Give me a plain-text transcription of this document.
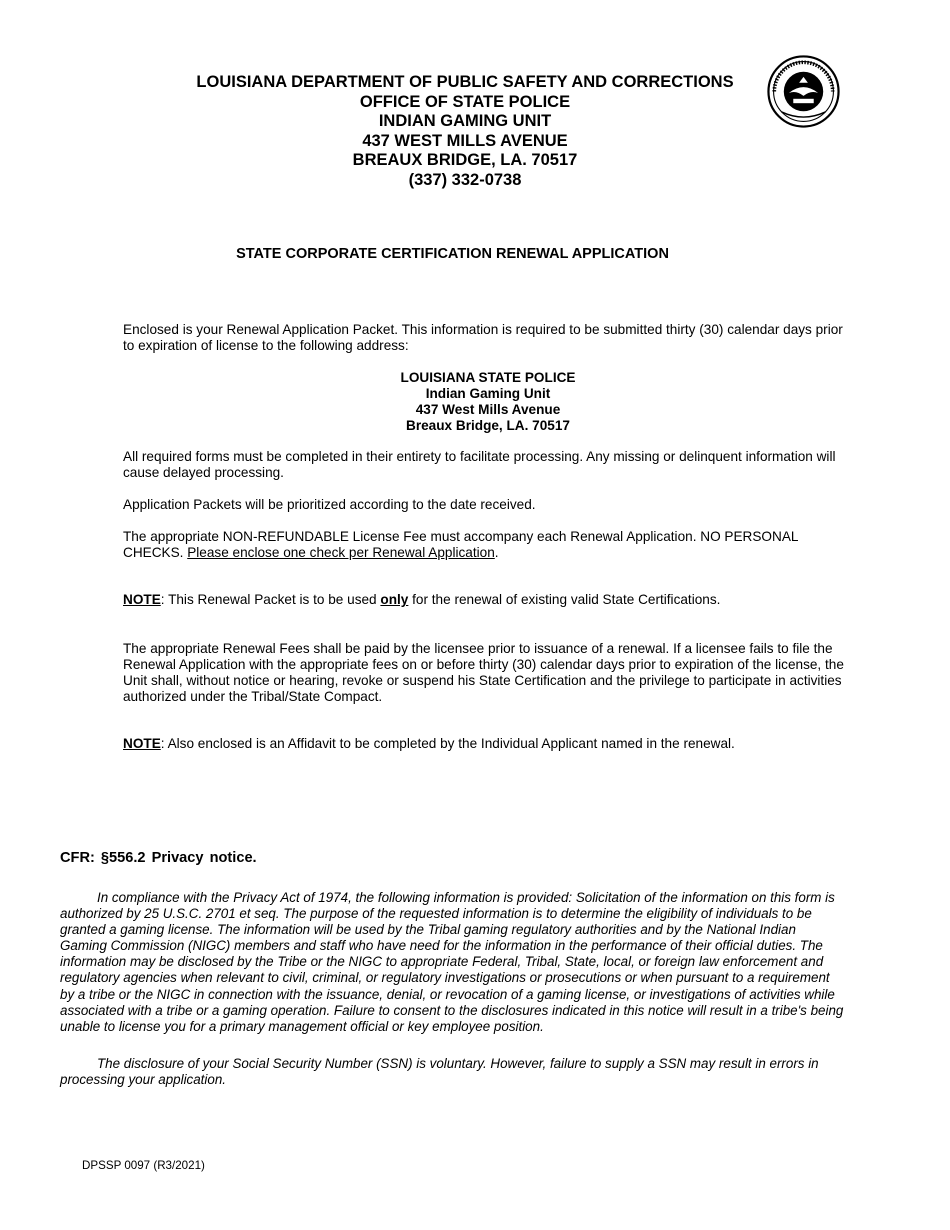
LOUISIANA DEPARTMENT OF PUBLIC SAFETY AND CORRECTIONS
OFFICE OF STATE POLICE
INDIAN GAMING UNIT
437 WEST MILLS AVENUE
BREAUX BRIDGE, LA. 70517
(337) 332-0738
STATE CORPORATE CERTIFICATION RENEWAL APPLICATION
Enclosed is your Renewal Application Packet. This information is required to be submitted thirty (30) calendar days prior to expiration of license to the following address:
LOUISIANA STATE POLICE
Indian Gaming Unit
437 West Mills Avenue
Breaux Bridge, LA. 70517
All required forms must be completed in their entirety to facilitate processing. Any missing or delinquent information will cause delayed processing.
Application Packets will be prioritized according to the date received.
The appropriate NON-REFUNDABLE License Fee must accompany each Renewal Application. NO PERSONAL CHECKS. Please enclose one check per Renewal Application.
NOTE: This Renewal Packet is to be used only for the renewal of existing valid State Certifications.
The appropriate Renewal Fees shall be paid by the licensee prior to issuance of a renewal. If a licensee fails to file the Renewal Application with the appropriate fees on or before thirty (30) calendar days prior to expiration of the license, the Unit shall, without notice or hearing, revoke or suspend his State Certification and the privilege to participate in activities authorized under the Tribal/State Compact.
NOTE: Also enclosed is an Affidavit to be completed by the Individual Applicant named in the renewal.
CFR: §556.2 Privacy notice.
In compliance with the Privacy Act of 1974, the following information is provided: Solicitation of the information on this form is authorized by 25 U.S.C. 2701 et seq. The purpose of the requested information is to determine the eligibility of individuals to be granted a gaming license. The information will be used by the Tribal gaming regulatory authorities and by the National Indian Gaming Commission (NIGC) members and staff who have need for the information in the performance of their official duties. The information may be disclosed by the Tribe or the NIGC to appropriate Federal, Tribal, State, local, or foreign law enforcement and regulatory agencies when relevant to civil, criminal, or regulatory investigations or prosecutions or when pursuant to a requirement by a tribe or the NIGC in connection with the issuance, denial, or revocation of a gaming license, or investigations of activities while associated with a tribe or a gaming operation. Failure to consent to the disclosures indicated in this notice will result in a tribe's being unable to license you for a primary management official or key employee position.
The disclosure of your Social Security Number (SSN) is voluntary. However, failure to supply a SSN may result in errors in processing your application.
DPSSP 0097 (R3/2021)
